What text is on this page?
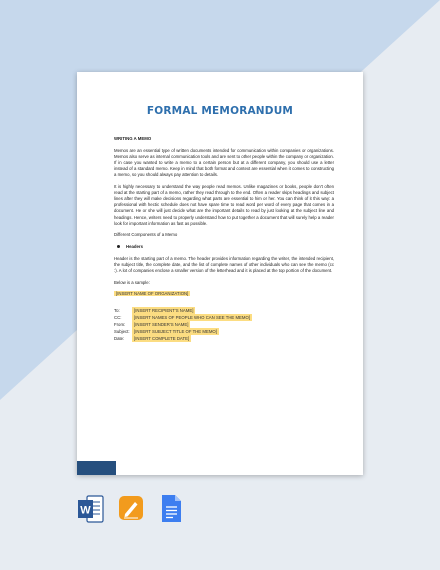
FORMAL MEMORANDUM
WRITING A MEMO

Memos are an essential type of written documents intended for communication within companies or organizations. Memos also serve as internal communication tools and are sent to other people within the company or organization. If in case you wanted to write a memo to a certain person but at a different company, you should use a letter instead of a standard memo. Keep in mind that both format and context are essential when it comes to constructing a memo, so you should always pay attention to details.

It is highly necessary to understand the way people read memos. Unlike magazines or books, people don't often read at the starting part of a memo, rather they read through to the end. Often a reader skips headings and subject lines after they will make decisions regarding what parts are essential to him or her. You can think of it this way: a professional with hectic schedule does not have spare time to read word per word of every page that comes in a document. He or she will just decide what are the important details to read by just looking at the subject line and headings. Hence, writers need to properly understand how to put together a document that will surely help a reader look for important information as fast as possible.

Different Components of a Memo

Headers

Header is the starting part of a memo. The header provides information regarding the writer, the intended recipient, the subject title, the complete date, and the list of complete names of other individuals who can see the memo (cc :). A lot of companies enclose a smaller version of the letterhead and it is placed at the top portion of the document.

Below is a sample:

[INSERT NAME OF ORGANIZATION]
To:	[INSERT RECIPIENT'S NAME]
CC:	[INSERT NAMES OF PEOPLE WHO CAN SEE THE MEMO]
From:	[INSERT SENDER'S NAME]
Subject:	[INSERT SUBJECT TITLE OF THE MEMO]
Date:	[INSERT COMPLETE DATE]
W
